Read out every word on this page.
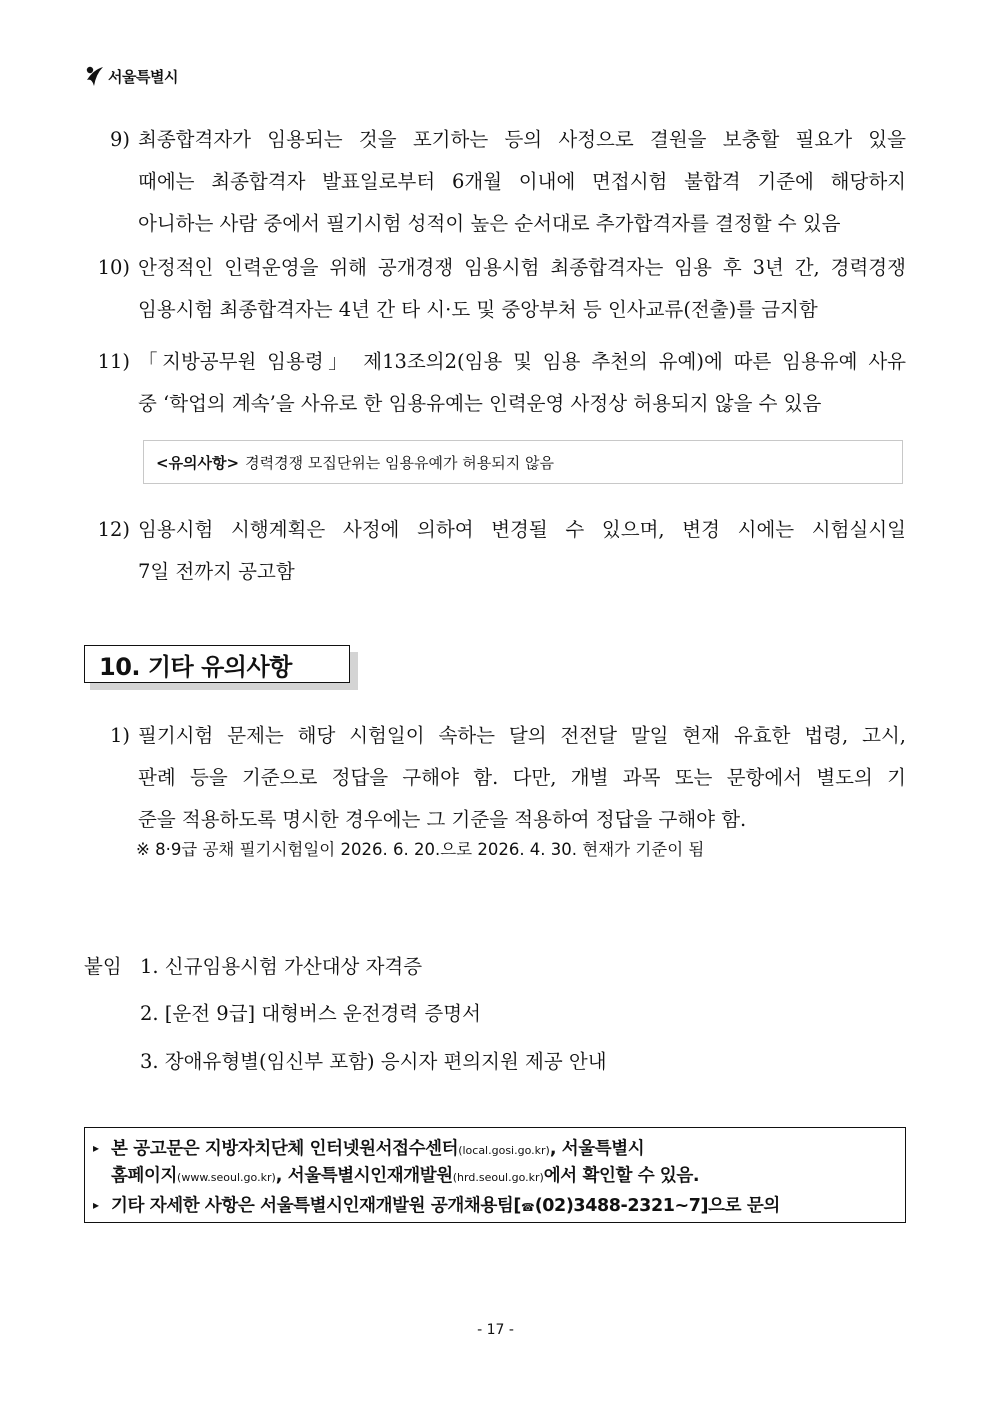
서울특별시
9) 최종합격자가 임용되는 것을 포기하는 등의 사정으로 결원을 보충할 필요가 있을
때에는 최종합격자 발표일로부터 6개월 이내에 면접시험 불합격 기준에 해당하지
아니하는 사람 중에서 필기시험 성적이 높은 순서대로 추가합격자를 결정할 수 있음
10) 안정적인 인력운영을 위해 공개경쟁 임용시험 최종합격자는 임용 후 3년 간, 경력경쟁
임용시험 최종합격자는 4년 간 타 시·도 및 중앙부처 등 인사교류(전출)를 금지함
11) 「지방공무원 임용령」 제13조의2(임용 및 임용 추천의 유예)에 따른 임용유예 사유
중 ‘학업의 계속’을 사유로 한 임용유예는 인력운영 사정상 허용되지 않을 수 있음
<유의사항> 경력경쟁 모집단위는 임용유예가 허용되지 않음
12) 임용시험 시행계획은 사정에 의하여 변경될 수 있으며, 변경 시에는 시험실시일
7일 전까지 공고함
10. 기타 유의사항
1) 필기시험 문제는 해당 시험일이 속하는 달의 전전달 말일 현재 유효한 법령, 고시,
판례 등을 기준으로 정답을 구해야 함. 다만, 개별 과목 또는 문항에서 별도의 기
준을 적용하도록 명시한 경우에는 그 기준을 적용하여 정답을 구해야 함.
※ 8·9급 공채 필기시험일이 2026. 6. 20.으로 2026. 4. 30. 현재가 기준이 됨
붙임 1. 신규임용시험 가산대상 자격증
2. [운전 9급] 대형버스 운전경력 증명서
3. 장애유형별(임신부 포함) 응시자 편의지원 제공 안내
▸ 본 공고문은 지방자치단체 인터넷원서접수센터(local.gosi.go.kr), 서울특별시
홈페이지(www.seoul.go.kr), 서울특별시인재개발원(hrd.seoul.go.kr)에서 확인할 수 있음.
▸ 기타 자세한 사항은 서울특별시인재개발원 공개채용팀[☎(02)3488-2321~7]으로 문의
- 17 -
